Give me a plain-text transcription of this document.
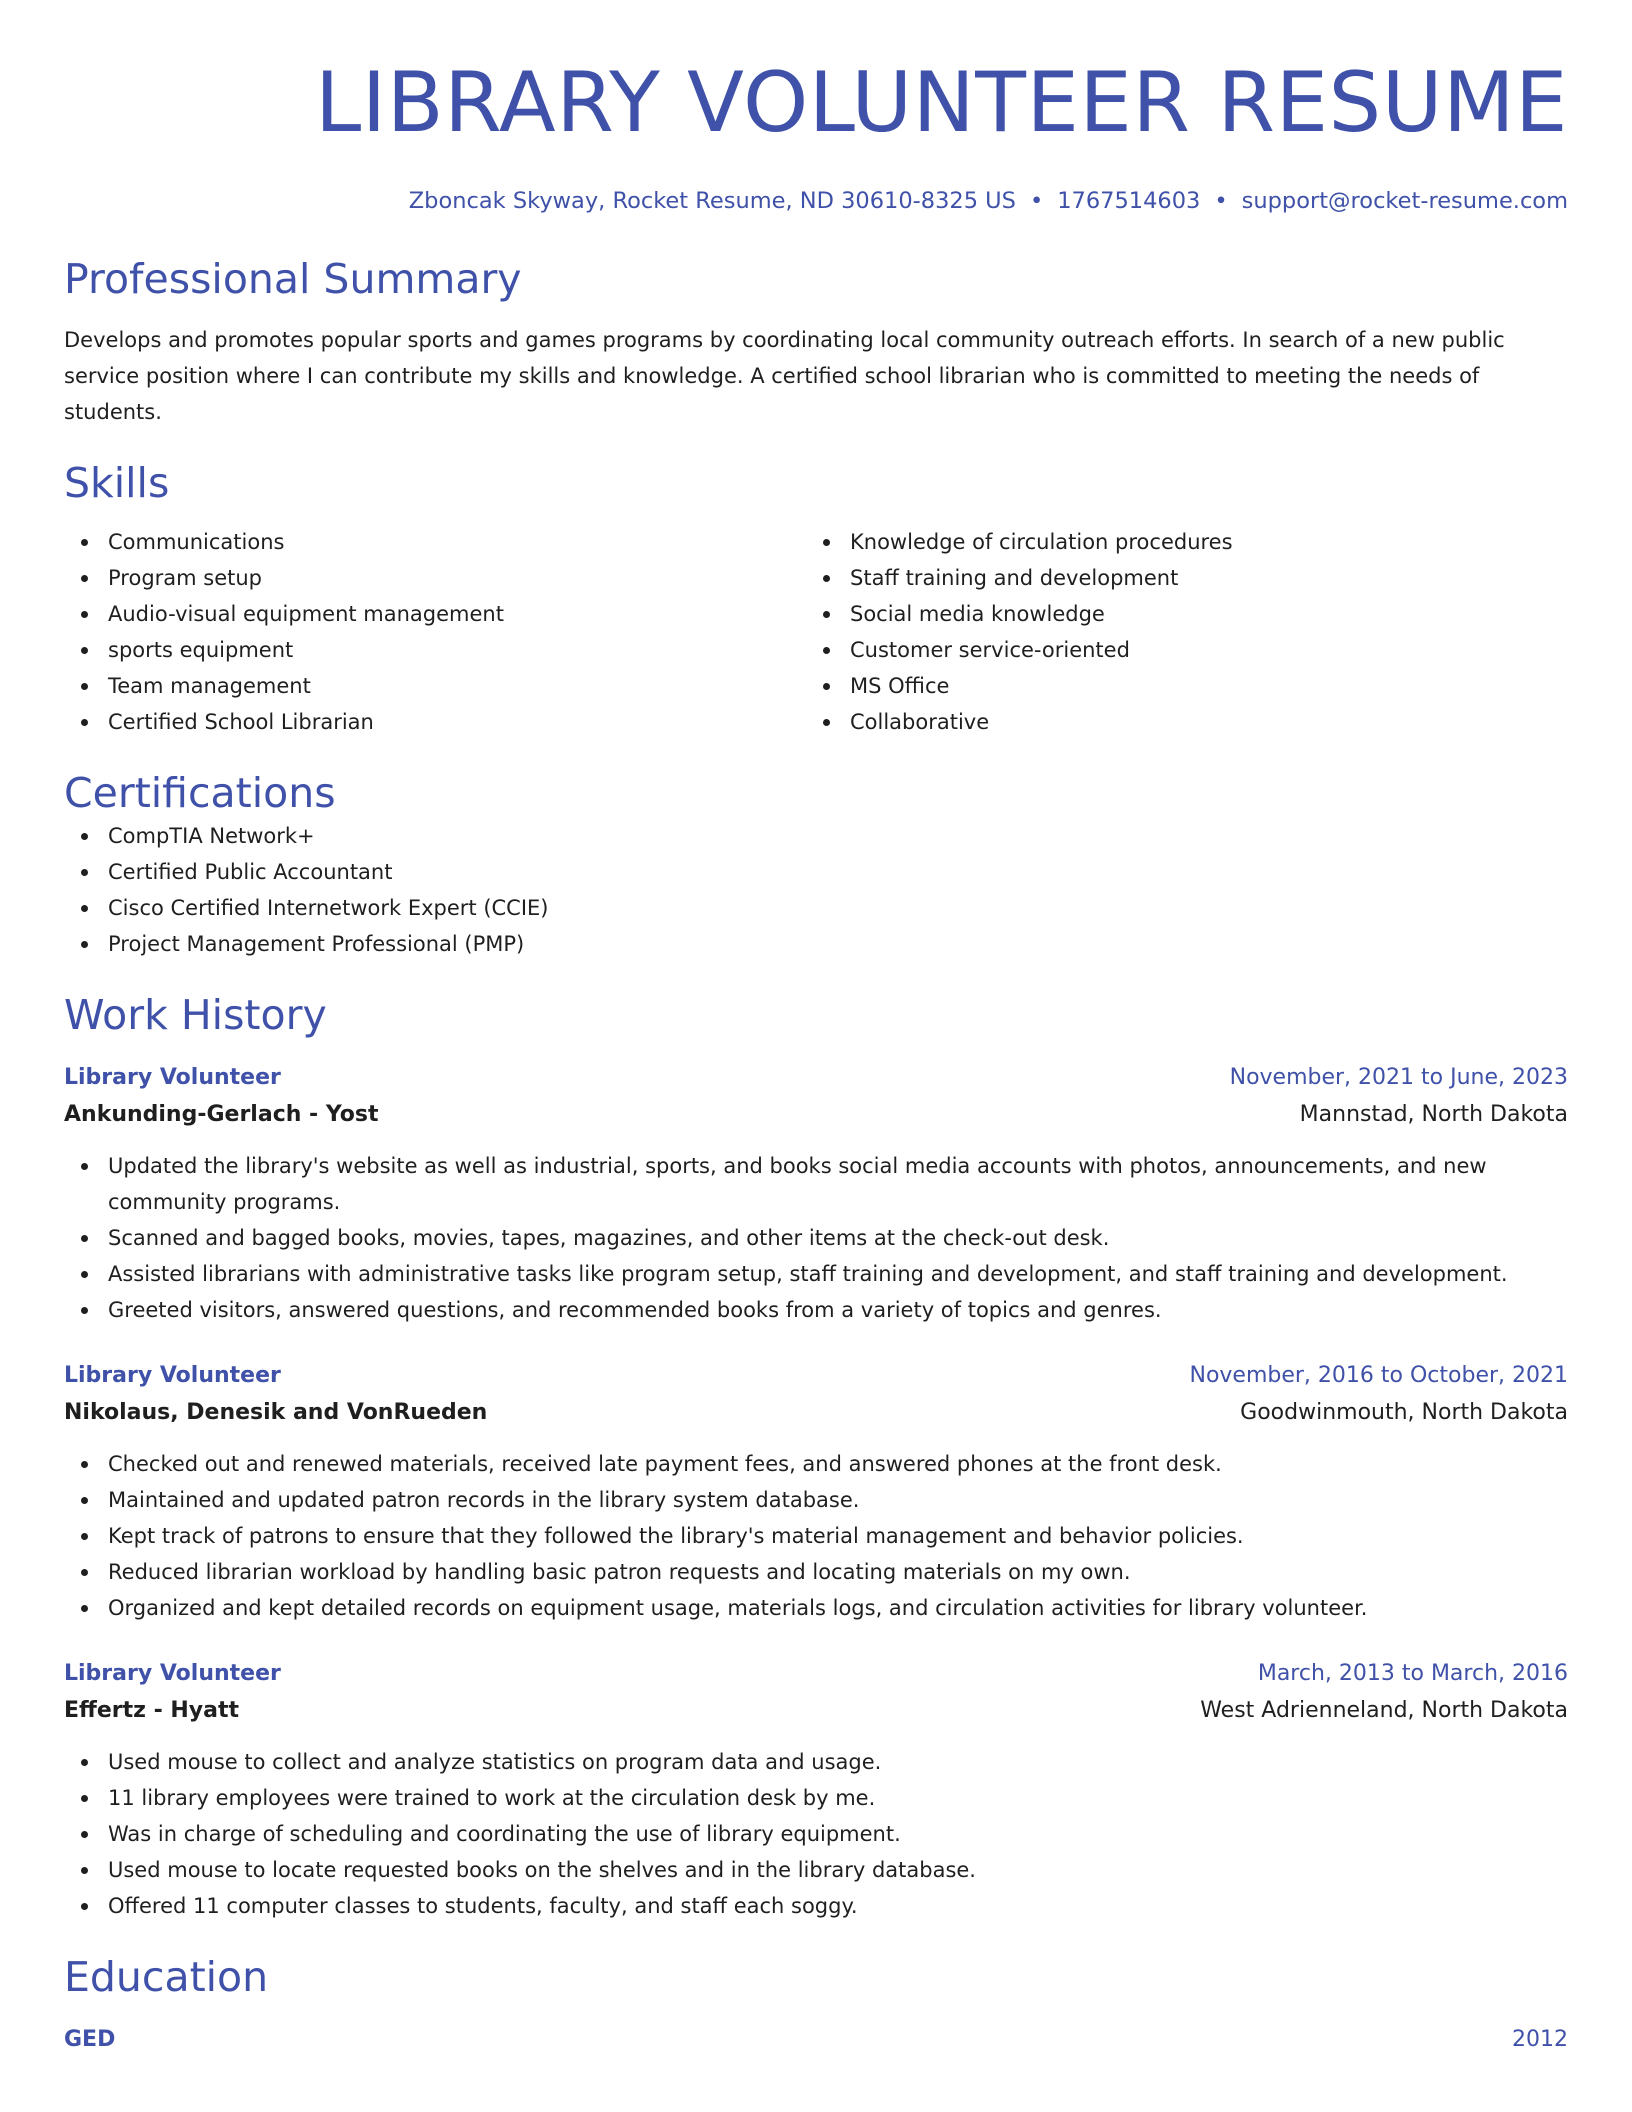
LIBRARY VOLUNTEER RESUME
Zboncak Skyway, Rocket Resume, ND 30610-8325 US • 1767514603 • support@rocket-resume.com
Professional Summary

Develops and promotes popular sports and games programs by coordinating local community outreach efforts. In search of a new public service position where I can contribute my skills and knowledge. A certified school librarian who is committed to meeting the needs of students.

Skills
Communications
Program setup
Audio-visual equipment management
sports equipment
Team management
Certified School Librarian
Knowledge of circulation procedures
Staff training and development
Social media knowledge
Customer service-oriented
MS Office
Collaborative
Certifications
CompTIA Network+
Certified Public Accountant
Cisco Certified Internetwork Expert (CCIE)
Project Management Professional (PMP)
Work History
Library Volunteer	November, 2021 to June, 2023
Ankunding-Gerlach - Yost	Mannstad, North Dakota
Updated the library's website as well as industrial, sports, and books social media accounts with photos, announcements, and new community programs.
Scanned and bagged books, movies, tapes, magazines, and other items at the check-out desk.
Assisted librarians with administrative tasks like program setup, staff training and development, and staff training and development.
Greeted visitors, answered questions, and recommended books from a variety of topics and genres.
Library Volunteer	November, 2016 to October, 2021
Nikolaus, Denesik and VonRueden	Goodwinmouth, North Dakota
Checked out and renewed materials, received late payment fees, and answered phones at the front desk.
Maintained and updated patron records in the library system database.
Kept track of patrons to ensure that they followed the library's material management and behavior policies.
Reduced librarian workload by handling basic patron requests and locating materials on my own.
Organized and kept detailed records on equipment usage, materials logs, and circulation activities for library volunteer.
Library Volunteer	March, 2013 to March, 2016
Effertz - Hyatt	West Adrienneland, North Dakota
Used mouse to collect and analyze statistics on program data and usage.
11 library employees were trained to work at the circulation desk by me.
Was in charge of scheduling and coordinating the use of library equipment.
Used mouse to locate requested books on the shelves and in the library database.
Offered 11 computer classes to students, faculty, and staff each soggy.
Education
GED	2012
